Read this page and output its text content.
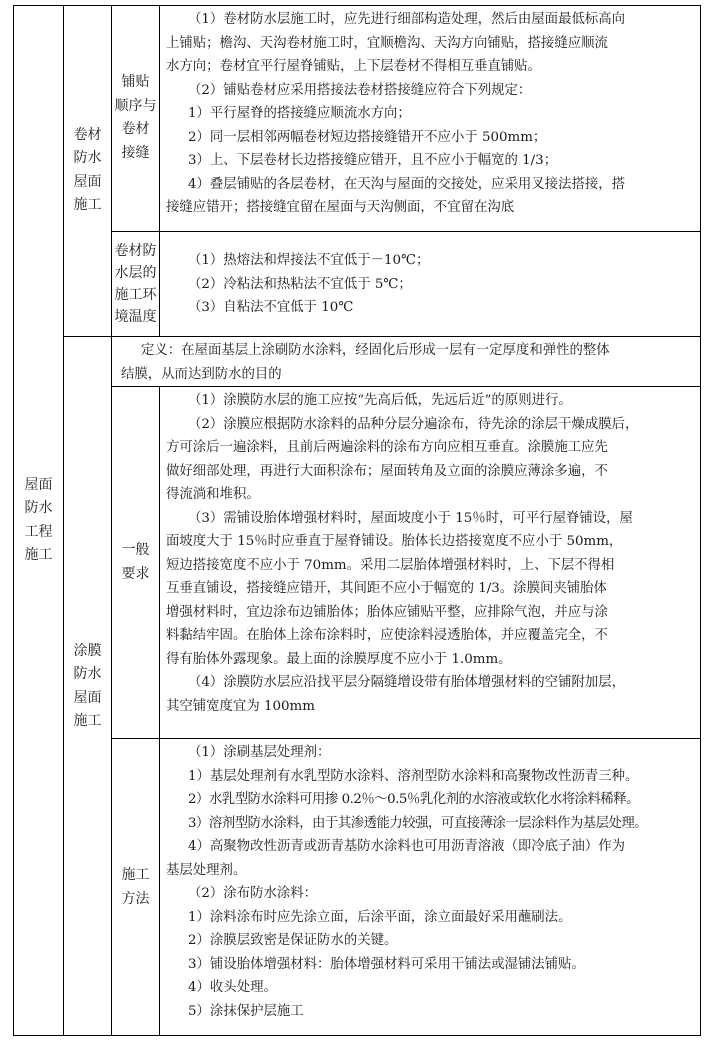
屋面
防水
工程
施工
卷材
防水
屋面
施工
涂膜
防水
屋面
施工
铺贴
顺序与
卷材
接缝
卷材防
水层的
施工环
境温度
一般
要求
施工
方法
（1）卷材防水层施工时，应先进行细部构造处理，然后由屋面最低标高向
上铺贴；檐沟、天沟卷材施工时，宜顺檐沟、天沟方向铺贴，搭接缝应顺流
水方向；卷材宜平行屋脊铺贴，上下层卷材不得相互垂直铺贴。
（2）铺贴卷材应采用搭接法卷材搭接缝应符合下列规定：
1）平行屋脊的搭接缝应顺流水方向；
2）同一层相邻两幅卷材短边搭接缝错开不应小于 500mm；
3）上、下层卷材长边搭接缝应错开，且不应小于幅宽的 1/3；
4）叠层铺贴的各层卷材，在天沟与屋面的交接处，应采用叉接法搭接，搭
接缝应错开；搭接缝宜留在屋面与天沟侧面，不宜留在沟底
（1）热熔法和焊接法不宜低于－10℃；
（2）冷粘法和热粘法不宜低于 5℃；
（3）自粘法不宜低于 10℃
定义：在屋面基层上涂刷防水涂料，经固化后形成一层有一定厚度和弹性的整体
结膜，从而达到防水的目的
（1）涂膜防水层的施工应按“先高后低，先远后近”的原则进行。
（2）涂膜应根据防水涂料的品种分层分遍涂布，待先涂的涂层干燥成膜后，
方可涂后一遍涂料，且前后两遍涂料的涂布方向应相互垂直。涂膜施工应先
做好细部处理，再进行大面积涂布；屋面转角及立面的涂膜应薄涂多遍，不
得流淌和堆积。
（3）需铺设胎体增强材料时，屋面坡度小于 15％时，可平行屋脊铺设，屋
面坡度大于 15％时应垂直于屋脊铺设。胎体长边搭接宽度不应小于 50mm，
短边搭接宽度不应小于 70mm。采用二层胎体增强材料时，上、下层不得相
互垂直铺设，搭接缝应错开，其间距不应小于幅宽的 1/3。涂膜间夹铺胎体
增强材料时，宜边涂布边铺胎体；胎体应铺贴平整，应排除气泡，并应与涂
料黏结牢固。在胎体上涂布涂料时，应使涂料浸透胎体，并应覆盖完全，不
得有胎体外露现象。最上面的涂膜厚度不应小于 1.0mm。
（4）涂膜防水层应沿找平层分隔缝增设带有胎体增强材料的空铺附加层，
其空铺宽度宜为 100mm
（1）涂刷基层处理剂：
1）基层处理剂有水乳型防水涂料、溶剂型防水涂料和高聚物改性沥青三种。
2）水乳型防水涂料可用掺 0.2％～0.5％乳化剂的水溶液或软化水将涂料稀释。
3）溶剂型防水涂料，由于其渗透能力较强，可直接薄涂一层涂料作为基层处理。
4）高聚物改性沥青或沥青基防水涂料也可用沥青溶液（即冷底子油）作为
基层处理剂。
（2）涂布防水涂料：
1）涂料涂布时应先涂立面，后涂平面，涂立面最好采用蘸刷法。
2）涂膜层致密是保证防水的关键。
3）铺设胎体增强材料：胎体增强材料可采用干铺法或湿铺法铺贴。
4）收头处理。
5）涂抹保护层施工
